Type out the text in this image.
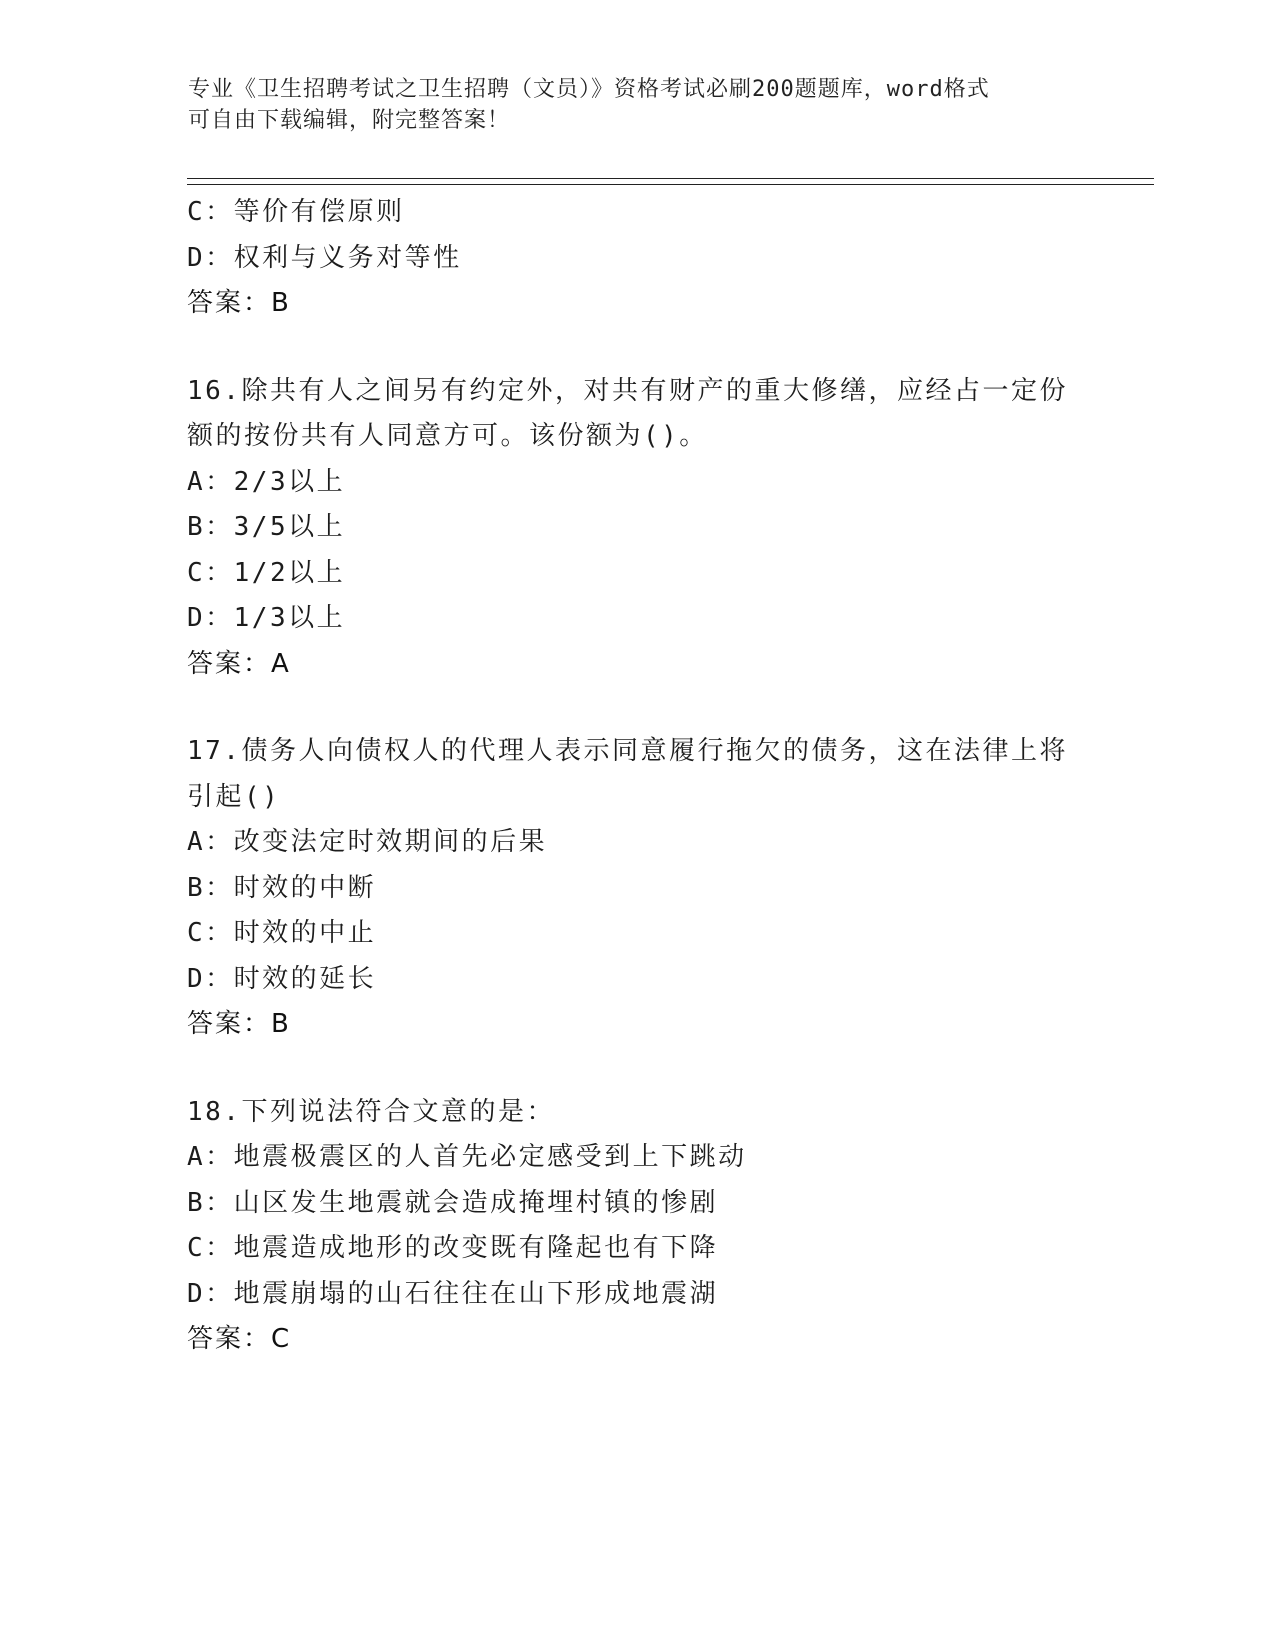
专业《卫生招聘考试之卫生招聘（文员）》资格考试必刷200题题库，word格式
可自由下载编辑，附完整答案！
C：等价有偿原则
D：权利与义务对等性
答案：B
16.除共有人之间另有约定外，对共有财产的重大修缮，应经占一定份
额的按份共有人同意方可。该份额为()。
A：2/3以上
B：3/5以上
C：1/2以上
D：1/3以上
答案：A
17.债务人向债权人的代理人表示同意履行拖欠的债务，这在法律上将
引起()
A：改变法定时效期间的后果
B：时效的中断
C：时效的中止
D：时效的延长
答案：B
18.下列说法符合文意的是：
A：地震极震区的人首先必定感受到上下跳动
B：山区发生地震就会造成掩埋村镇的惨剧
C：地震造成地形的改变既有隆起也有下降
D：地震崩塌的山石往往在山下形成地震湖
答案：C
